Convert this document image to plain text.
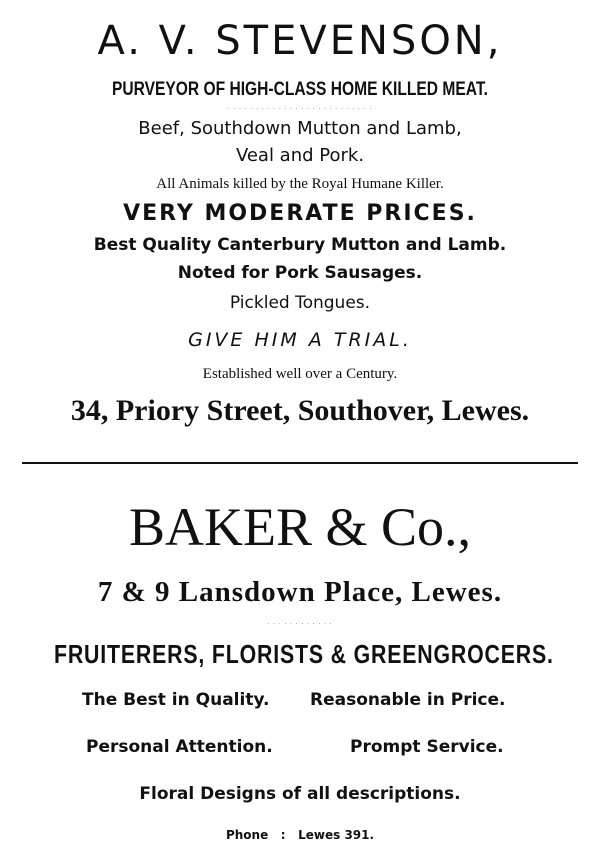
A. V. STEVENSON,
PURVEYOR OF HIGH-CLASS HOME KILLED MEAT.
· · · · · · · · · · · · · · · · · · · · · · · · · ·
Beef, Southdown Mutton and Lamb,
Veal and Pork.
All Animals killed by the Royal Humane Killer.
VERY MODERATE PRICES.
Best Quality Canterbury Mutton and Lamb.
Noted for Pork Sausages.
Pickled Tongues.
GIVE HIM A TRIAL.
Established well over a Century.
34, Priory Street, Southover, Lewes.
BAKER & Co.,
7 & 9 Lansdown Place, Lewes.
· · · · · · · · · · · ·
FRUITERERS, FLORISTS & GREENGROCERS.
The Best in Quality. Reasonable in Price.
Personal Attention.	Prompt Service.
Floral Designs of all descriptions.
Phone   :   Lewes 391.
